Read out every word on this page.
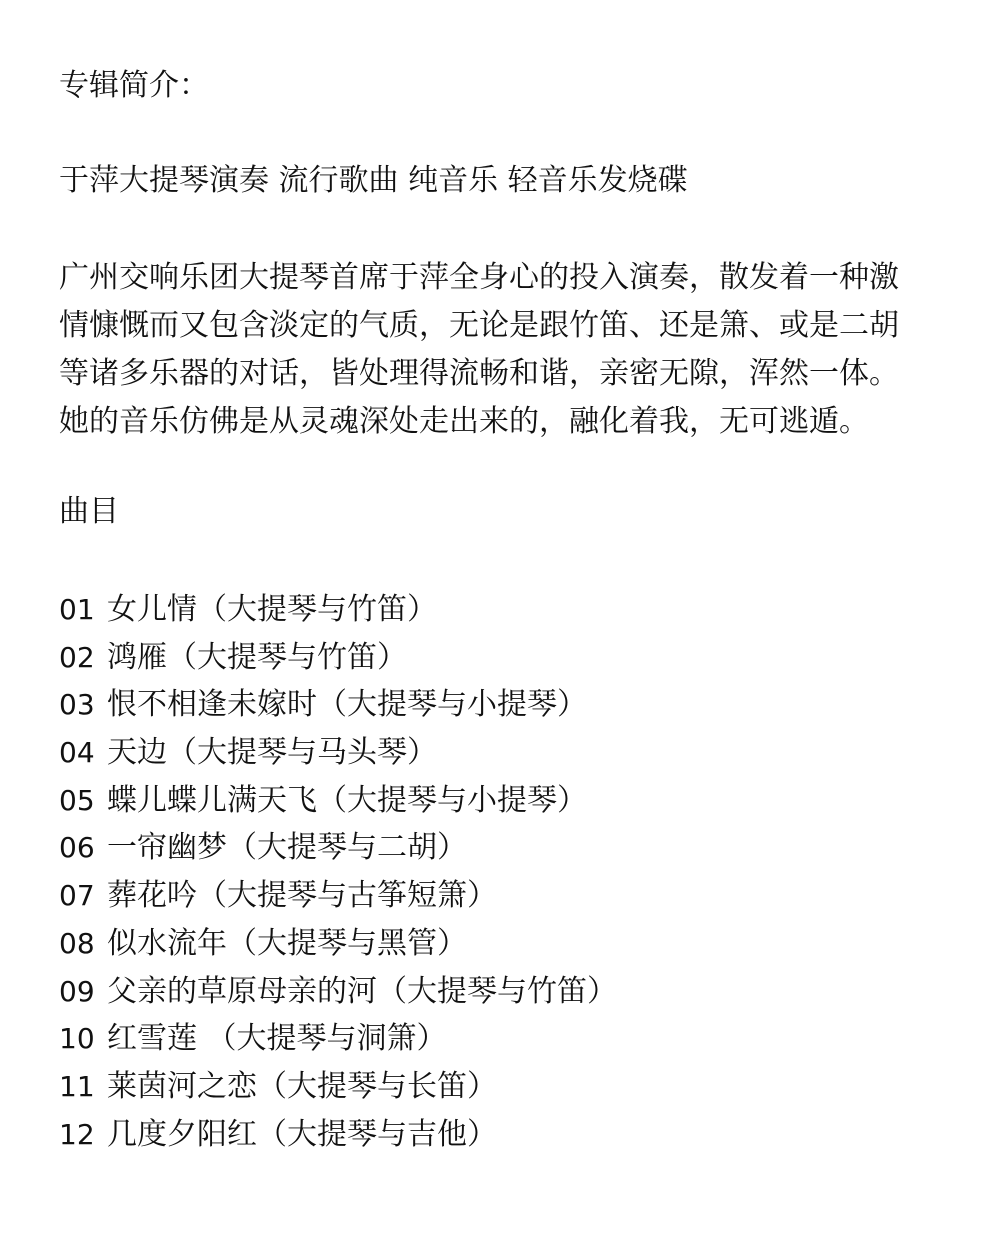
专辑简介：
于萍大提琴演奏 流行歌曲 纯音乐 轻音乐发烧碟
广州交响乐团大提琴首席于萍全身心的投入演奏，散发着一种激
情慷慨而又包含淡定的气质，无论是跟竹笛、还是箫、或是二胡
等诸多乐器的对话，皆处理得流畅和谐，亲密无隙，浑然一体。
她的音乐仿佛是从灵魂深处走出来的，融化着我，无可逃遁。
曲目
01 女儿情（大提琴与竹笛）
02 鸿雁（大提琴与竹笛）
03 恨不相逢未嫁时（大提琴与小提琴）
04 天边（大提琴与马头琴）
05 蝶儿蝶儿满天飞（大提琴与小提琴）
06 一帘幽梦（大提琴与二胡）
07 葬花吟（大提琴与古筝短箫）
08 似水流年（大提琴与黑管）
09 父亲的草原母亲的河（大提琴与竹笛）
10 红雪莲 （大提琴与洞箫）
11 莱茵河之恋（大提琴与长笛）
12 几度夕阳红（大提琴与吉他）
